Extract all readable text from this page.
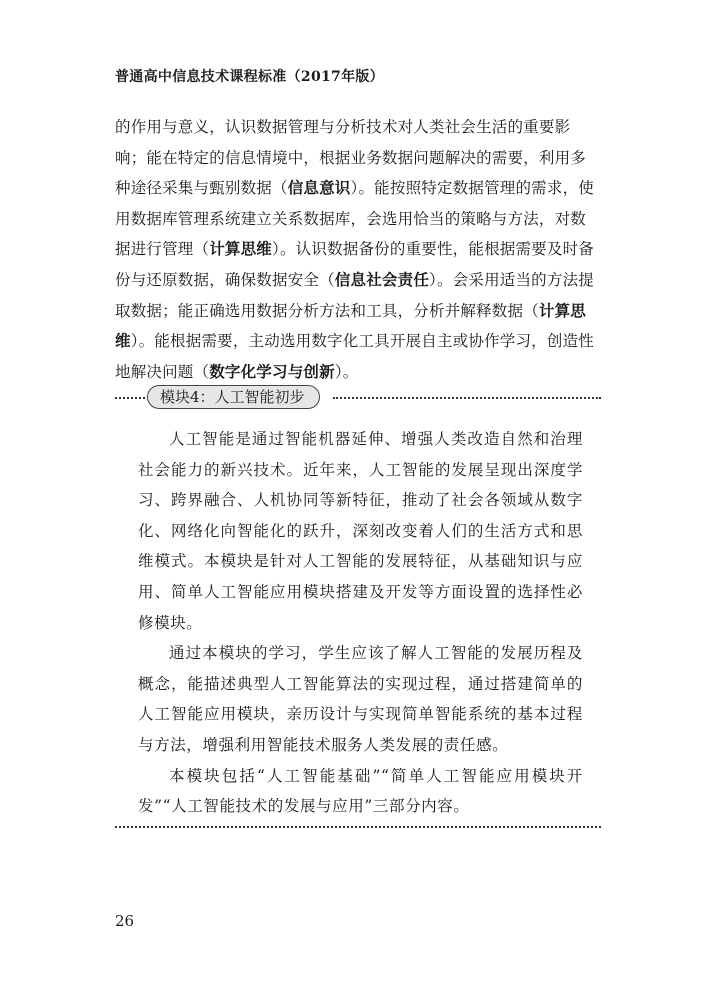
普通高中信息技术课程标准（2017年版）

的作用与意义，认识数据管理与分析技术对人类社会生活的重要影响；能在特定的信息情境中，根据业务数据问题解决的需要，利用多种途径采集与甄别数据（信息意识）。能按照特定数据管理的需求，使用数据库管理系统建立关系数据库，会选用恰当的策略与方法，对数据进行管理（计算思维）。认识数据备份的重要性，能根据需要及时备份与还原数据，确保数据安全（信息社会责任）。会采用适当的方法提取数据；能正确选用数据分析方法和工具，分析并解释数据（计算思维）。能根据需要，主动选用数字化工具开展自主或协作学习，创造性地解决问题（数字化学习与创新）。

模块4：人工智能初步

人工智能是通过智能机器延伸、增强人类改造自然和治理社会能力的新兴技术。近年来，人工智能的发展呈现出深度学习、跨界融合、人机协同等新特征，推动了社会各领域从数字化、网络化向智能化的跃升，深刻改变着人们的生活方式和思维模式。本模块是针对人工智能的发展特征，从基础知识与应用、简单人工智能应用模块搭建及开发等方面设置的选择性必修模块。

通过本模块的学习，学生应该了解人工智能的发展历程及概念，能描述典型人工智能算法的实现过程，通过搭建简单的人工智能应用模块，亲历设计与实现简单智能系统的基本过程与方法，增强利用智能技术服务人类发展的责任感。

本模块包括“人工智能基础”“简单人工智能应用模块开发”“人工智能技术的发展与应用”三部分内容。

26
